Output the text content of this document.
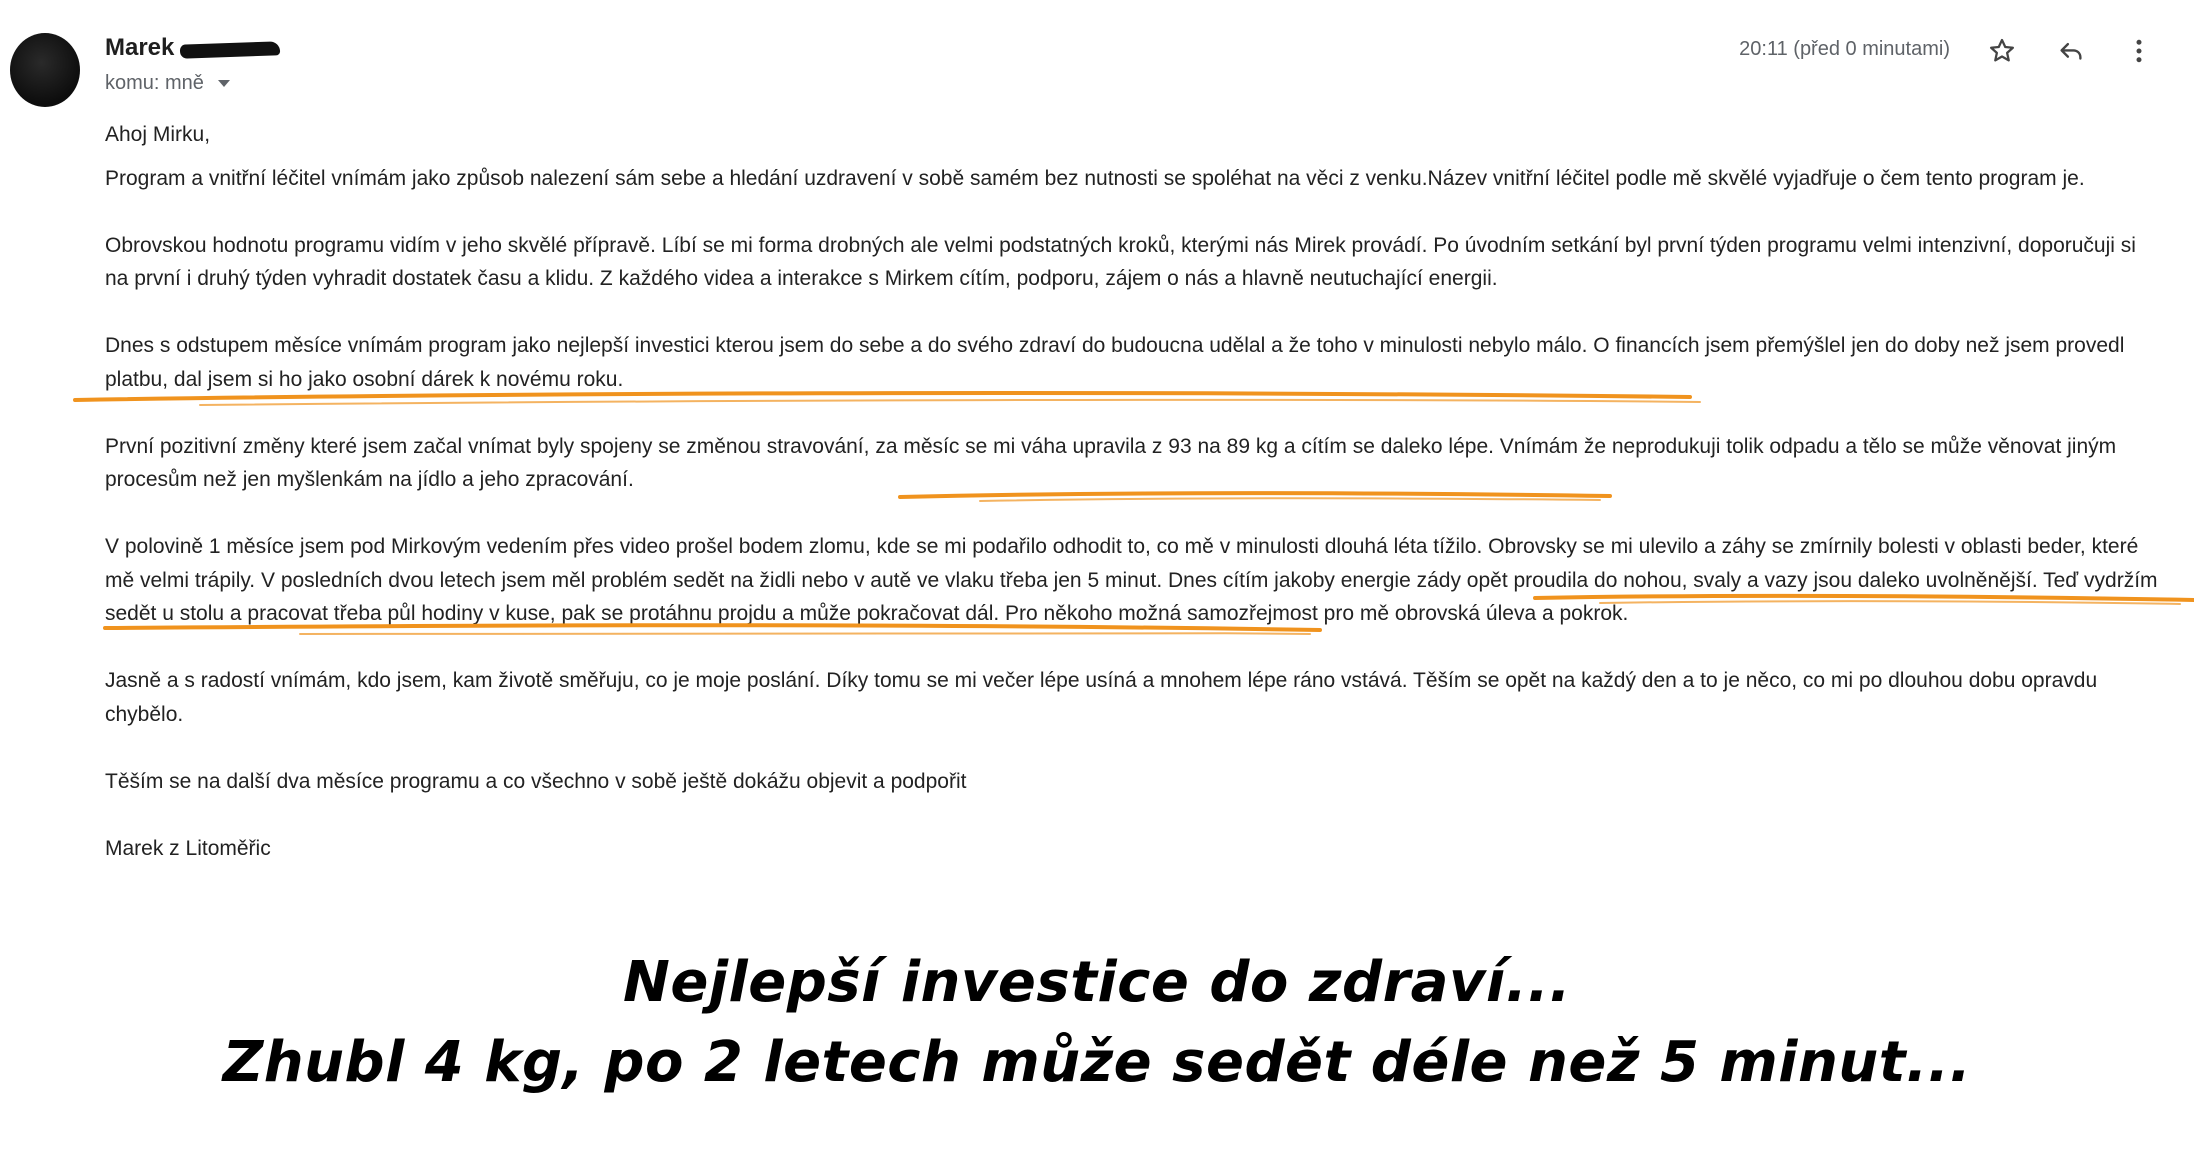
Marek
komu: mně
20:11 (před 0 minutami)

Ahoj Mirku,

Program a vnitřní léčitel vnímám jako způsob nalezení sám sebe a hledání uzdravení v sobě samém bez nutnosti se spoléhat na věci z venku.Název vnitřní léčitel podle mě skvělé vyjadřuje o čem tento program je.

Obrovskou hodnotu programu vidím v jeho skvělé přípravě. Líbí se mi forma drobných ale velmi podstatných kroků, kterými nás Mirek provádí. Po úvodním setkání byl první týden programu velmi intenzivní, doporučuji si na první i druhý týden vyhradit dostatek času a klidu. Z každého videa a interakce s Mirkem cítím, podporu, zájem o nás a hlavně neutuchající energii.

Dnes s odstupem měsíce vnímám program jako nejlepší investici kterou jsem do sebe a do svého zdraví do budoucna udělal a že toho v minulosti nebylo málo. O financích jsem přemýšlel jen do doby než jsem provedl platbu, dal jsem si ho jako osobní dárek k novému roku.

První pozitivní změny které jsem začal vnímat byly spojeny se změnou stravování, za měsíc se mi váha upravila z 93 na 89 kg a cítím se daleko lépe. Vnímám že neprodukuji tolik odpadu a tělo se může věnovat jiným procesům než jen myšlenkám na jídlo a jeho zpracování.

V polovině 1 měsíce jsem pod Mirkovým vedením přes video prošel bodem zlomu, kde se mi podařilo odhodit to, co mě v minulosti dlouhá léta tížilo. Obrovsky se mi ulevilo a záhy se zmírnily bolesti v oblasti beder, které mě velmi trápily. V posledních dvou letech jsem měl problém sedět na židli nebo v autě ve vlaku třeba jen 5 minut. Dnes cítím jakoby energie zády opět proudila do nohou, svaly a vazy jsou daleko uvolněnější. Teď vydržím sedět u stolu a pracovat třeba půl hodiny v kuse, pak se protáhnu projdu a může pokračovat dál. Pro někoho možná samozřejmost pro mě obrovská úleva a pokrok.

Jasně a s radostí vnímám, kdo jsem, kam životě směřuju, co je moje poslání. Díky tomu se mi večer lépe usíná a mnohem lépe ráno vstává. Těším se opět na každý den a to je něco, co mi po dlouhou dobu opravdu chybělo.

Těším se na další dva měsíce programu a co všechno v sobě ještě dokážu objevit a podpořit

Marek z Litoměřic

Nejlepší investice do zdraví...
Zhubl 4 kg, po 2 letech může sedět déle než 5 minut...
